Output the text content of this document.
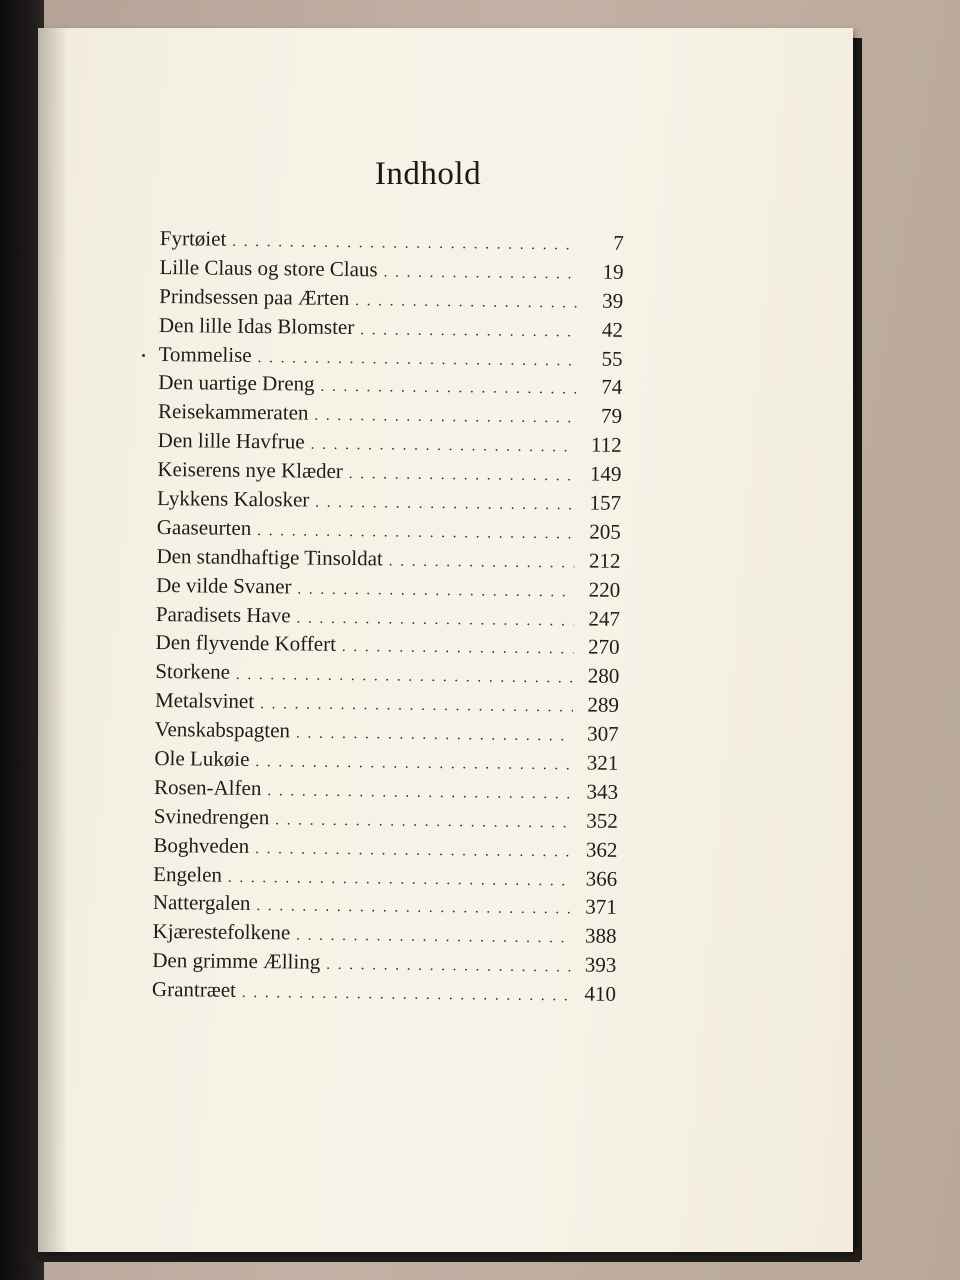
Indhold
Fyrtøiet . . .	7
Lille Claus og store Claus . . .	19
Prindsessen paa Ærten . . .	39
Den lille Idas Blomster . . .	42
Tommelise . . .	55
Den uartige Dreng . . .	74
Reisekammeraten . . .	79
Den lille Havfrue . . .	112
Keiserens nye Klæder . . .	149
Lykkens Kalosker . . .	157
Gaaseurten . . .	205
Den standhaftige Tinsoldat . . .	212
De vilde Svaner . . .	220
Paradisets Have . . .	247
Den flyvende Koffert . . .	270
Storkene . . .	280
Metalsvinet . . .	289
Venskabspagten . . .	307
Ole Lukøie . . .	321
Rosen-Alfen . . .	343
Svinedrengen . . .	352
Boghveden . . .	362
Engelen . . .	366
Nattergalen . . .	371
Kjærestefolkene . . .	388
Den grimme Ælling . . .	393
Grantræet . . .	410
